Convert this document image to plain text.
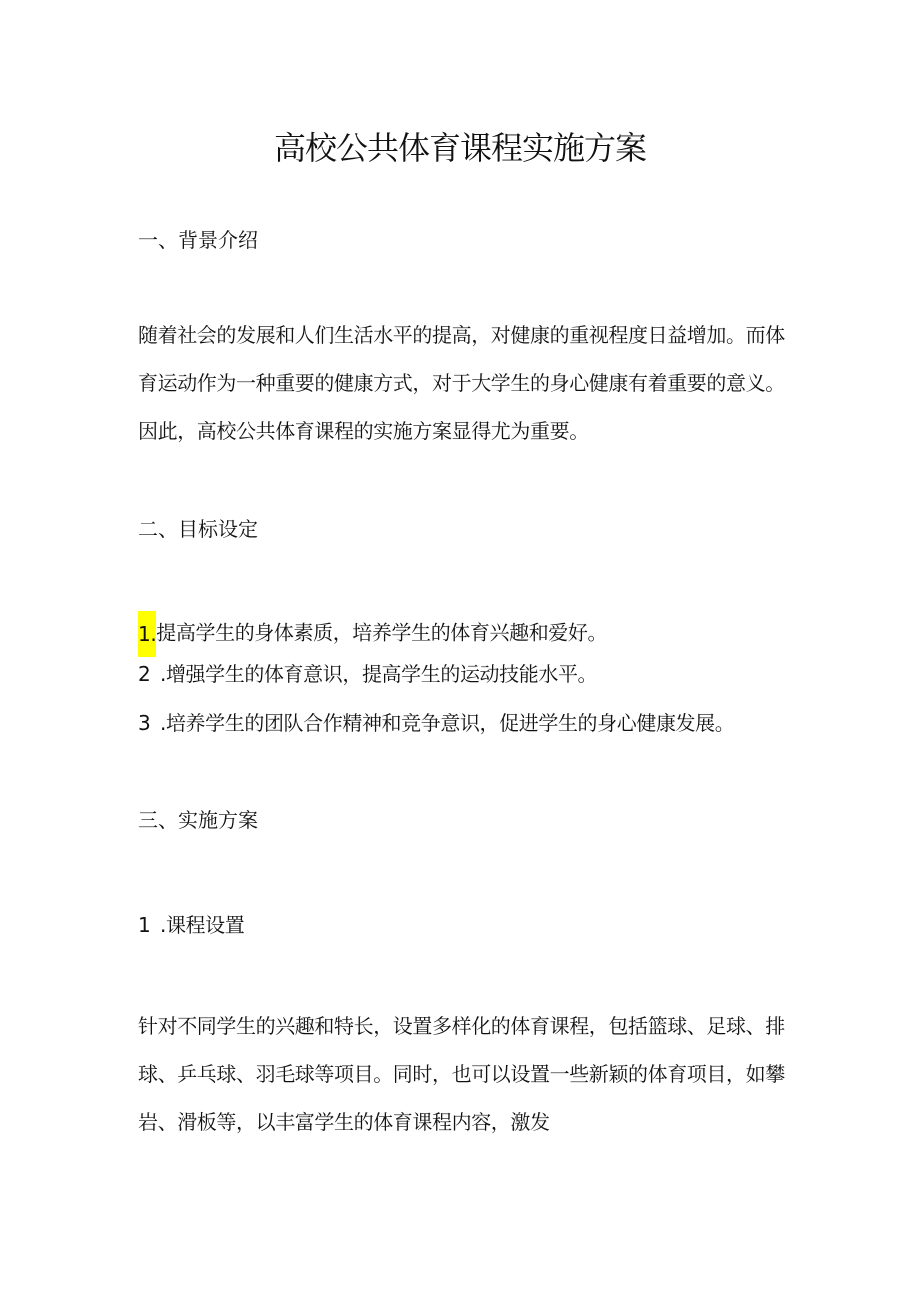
高校公共体育课程实施方案
一、背景介绍

随着社会的发展和人们生活水平的提高，对健康的重视程度日益增加。而体育运动作为一种重要的健康方式，对于大学生的身心健康有着重要的意义。因此，高校公共体育课程的实施方案显得尤为重要。

二、目标设定
1.提高学生的身体素质，培养学生的体育兴趣和爱好。
2 .增强学生的体育意识，提高学生的运动技能水平。
3 .培养学生的团队合作精神和竞争意识，促进学生的身心健康发展。
三、实施方案
1 .课程设置

针对不同学生的兴趣和特长，设置多样化的体育课程，包括篮球、足球、排球、乒乓球、羽毛球等项目。同时，也可以设置一些新颖的体育项目，如攀岩、滑板等，以丰富学生的体育课程内容，激发
